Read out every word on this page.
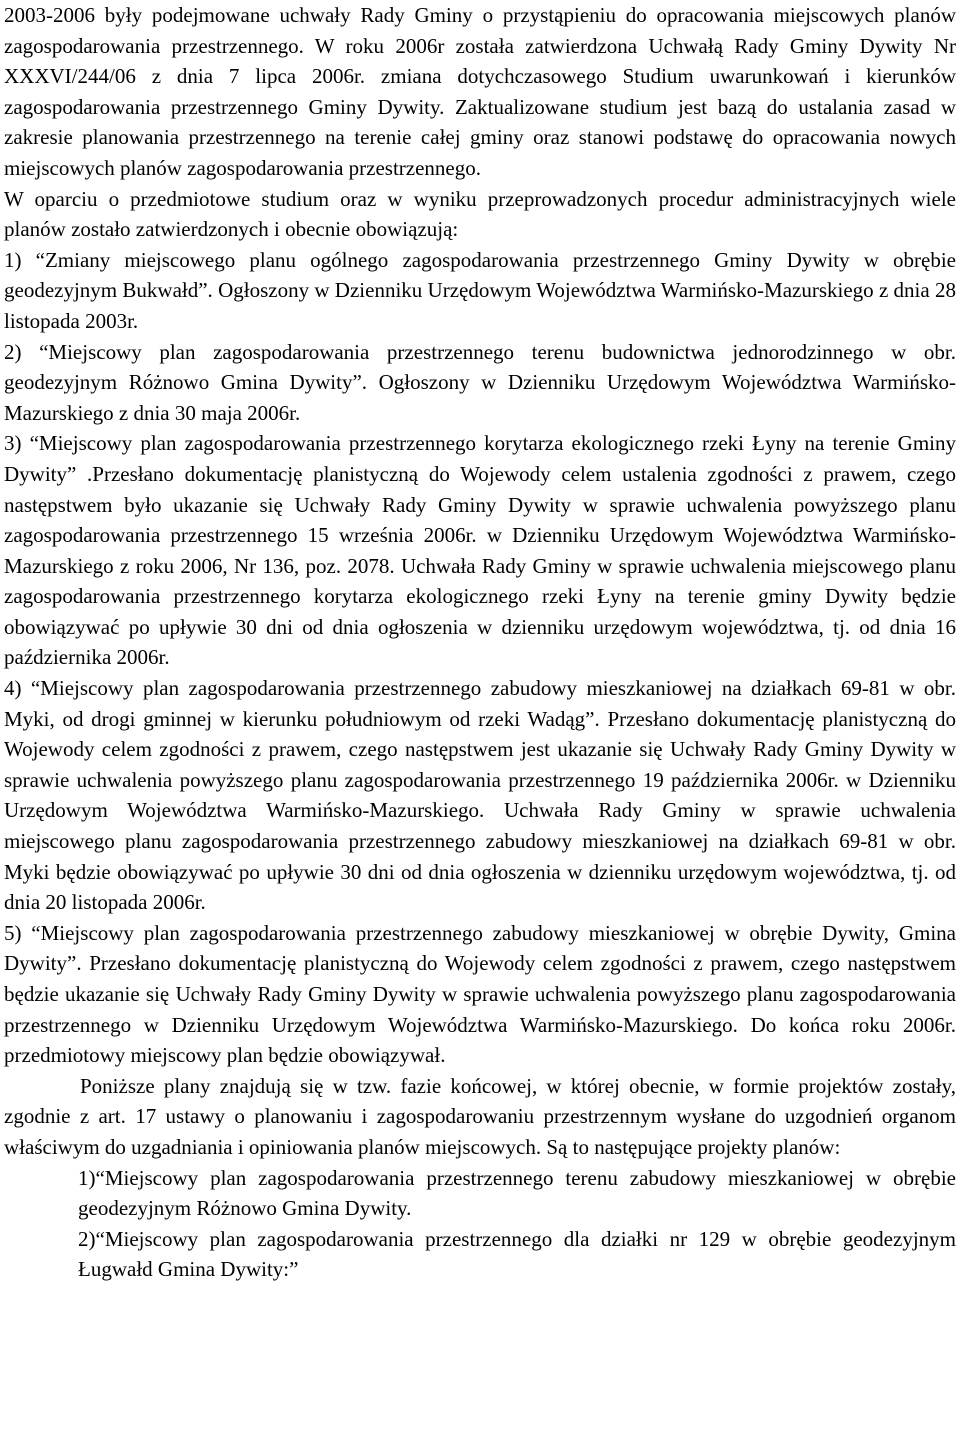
2003-2006 były podejmowane uchwały Rady Gminy o przystąpieniu do opracowania miejscowych planów zagospodarowania przestrzennego. W roku 2006r została zatwierdzona Uchwałą Rady Gminy Dywity Nr XXXVI/244/06 z dnia 7 lipca 2006r. zmiana dotychczasowego Studium uwarunkowań i kierunków zagospodarowania przestrzennego Gminy Dywity. Zaktualizowane studium jest bazą do ustalania zasad w zakresie planowania przestrzennego na terenie całej gminy oraz stanowi podstawę do opracowania nowych miejscowych planów zagospodarowania przestrzennego.

W oparciu o przedmiotowe studium oraz w wyniku przeprowadzonych procedur administracyjnych wiele planów zostało zatwierdzonych i obecnie obowiązują:

1) “Zmiany miejscowego planu ogólnego zagospodarowania przestrzennego Gminy Dywity w obrębie geodezyjnym Bukwałd”. Ogłoszony w Dzienniku Urzędowym Województwa Warmińsko-Mazurskiego z dnia 28 listopada 2003r.

2) “Miejscowy plan zagospodarowania przestrzennego terenu budownictwa jednorodzinnego w obr. geodezyjnym Różnowo Gmina Dywity”. Ogłoszony w Dzienniku Urzędowym Województwa Warmińsko-Mazurskiego z dnia 30 maja 2006r.

3) “Miejscowy plan zagospodarowania przestrzennego korytarza ekologicznego rzeki Łyny na terenie Gminy Dywity” .Przesłano dokumentację planistyczną do Wojewody celem ustalenia zgodności z prawem, czego następstwem było ukazanie się Uchwały Rady Gminy Dywity w sprawie uchwalenia powyższego planu zagospodarowania przestrzennego 15 września 2006r. w Dzienniku Urzędowym Województwa Warmińsko-Mazurskiego z roku 2006, Nr 136, poz. 2078. Uchwała Rady Gminy w sprawie uchwalenia miejscowego planu zagospodarowania przestrzennego korytarza ekologicznego rzeki Łyny na terenie gminy Dywity będzie obowiązywać po upływie 30 dni od dnia ogłoszenia w dzienniku urzędowym województwa, tj. od dnia 16 października 2006r.

4) “Miejscowy plan zagospodarowania przestrzennego zabudowy mieszkaniowej na działkach 69-81 w obr. Myki, od drogi gminnej w kierunku południowym od rzeki Wadąg”. Przesłano dokumentację planistyczną do Wojewody celem zgodności z prawem, czego następstwem jest ukazanie się Uchwały Rady Gminy Dywity w sprawie uchwalenia powyższego planu zagospodarowania przestrzennego 19 października 2006r. w Dzienniku Urzędowym Województwa Warmińsko-Mazurskiego. Uchwała Rady Gminy w sprawie uchwalenia miejscowego planu zagospodarowania przestrzennego zabudowy mieszkaniowej na działkach 69-81 w obr. Myki będzie obowiązywać po upływie 30 dni od dnia ogłoszenia w dzienniku urzędowym województwa, tj. od dnia 20 listopada 2006r.

5) “Miejscowy plan zagospodarowania przestrzennego zabudowy mieszkaniowej w obrębie Dywity, Gmina Dywity”. Przesłano dokumentację planistyczną do Wojewody celem zgodności z prawem, czego następstwem będzie ukazanie się Uchwały Rady Gminy Dywity w sprawie uchwalenia powyższego planu zagospodarowania przestrzennego w Dzienniku Urzędowym Województwa Warmińsko-Mazurskiego. Do końca roku 2006r. przedmiotowy miejscowy plan będzie obowiązywał.

Poniższe plany znajdują się w tzw. fazie końcowej, w której obecnie, w formie projektów zostały, zgodnie z art. 17 ustawy o planowaniu i zagospodarowaniu przestrzennym wysłane do uzgodnień organom właściwym do uzgadniania i opiniowania planów miejscowych. Są to następujące projekty planów:

1)“Miejscowy plan zagospodarowania przestrzennego terenu zabudowy mieszkaniowej w obrębie geodezyjnym Różnowo Gmina Dywity.

2)“Miejscowy plan zagospodarowania przestrzennego dla działki nr 129 w obrębie geodezyjnym Ługwałd Gmina Dywity:”
